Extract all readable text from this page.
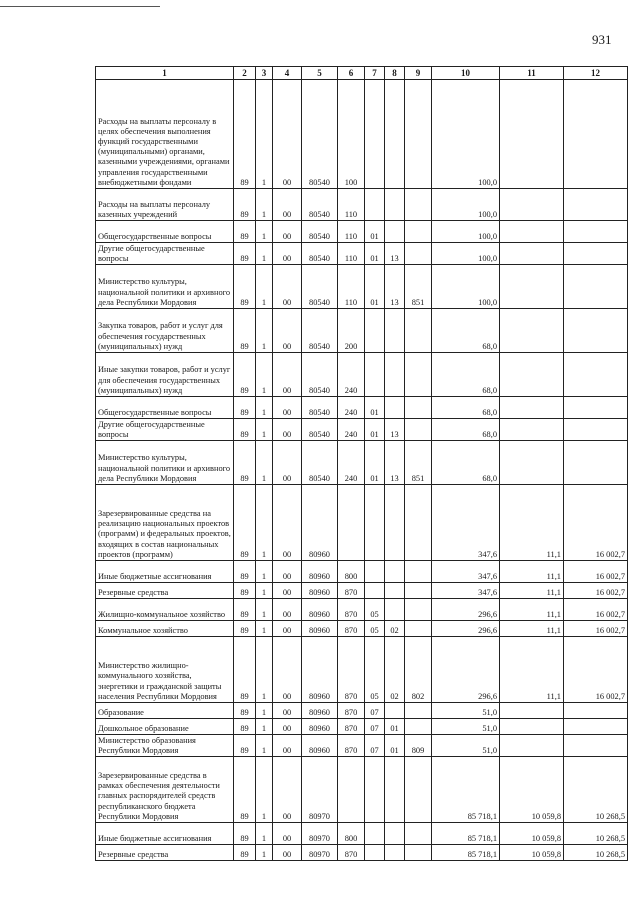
931
1	2	3	4	5	6	7	8	9	10	11	12
Расходы на выплаты персоналу в целях обеспечения выполнения функций государственными (муниципальными) органами, казенными учреждениями, органами управления государственными внебюджетными фондами	89	1	00	80540	100				100,0		
Расходы на выплаты персоналу казенных учреждений	89	1	00	80540	110				100,0		
Общегосударственные вопросы	89	1	00	80540	110	01			100,0		
Другие общегосударственные вопросы	89	1	00	80540	110	01	13		100,0		
Министерство культуры, национальной политики и архивного дела Республики Мордовия	89	1	00	80540	110	01	13	851	100,0		
Закупка товаров, работ и услуг для обеспечения государственных (муниципальных) нужд	89	1	00	80540	200				68,0		
Иные закупки товаров, работ и услуг для обеспечения государственных (муниципальных) нужд	89	1	00	80540	240				68,0		
Общегосударственные вопросы	89	1	00	80540	240	01			68,0		
Другие общегосударственные вопросы	89	1	00	80540	240	01	13		68,0		
Министерство культуры, национальной политики и архивного дела Республики Мордовия	89	1	00	80540	240	01	13	851	68,0		
Зарезервированные средства на реализацию национальных проектов (программ) и федеральных проектов, входящих в состав национальных проектов (программ)	89	1	00	80960					347,6	11,1	16 002,7
Иные бюджетные ассигнования	89	1	00	80960	800				347,6	11,1	16 002,7
Резервные средства	89	1	00	80960	870				347,6	11,1	16 002,7
Жилищно-коммунальное хозяйство	89	1	00	80960	870	05			296,6	11,1	16 002,7
Коммунальное хозяйство	89	1	00	80960	870	05	02		296,6	11,1	16 002,7
Министерство жилищно-коммунального хозяйства, энергетики и гражданской защиты населения Республики Мордовия	89	1	00	80960	870	05	02	802	296,6	11,1	16 002,7
Образование	89	1	00	80960	870	07			51,0		
Дошкольное образование	89	1	00	80960	870	07	01		51,0		
Министерство образования Республики Мордовия	89	1	00	80960	870	07	01	809	51,0		
Зарезервированные средства в рамках обеспечения деятельности главных распорядителей средств республиканского бюджета Республики Мордовия	89	1	00	80970					85 718,1	10 059,8	10 268,5
Иные бюджетные ассигнования	89	1	00	80970	800				85 718,1	10 059,8	10 268,5
Резервные средства	89	1	00	80970	870				85 718,1	10 059,8	10 268,5
